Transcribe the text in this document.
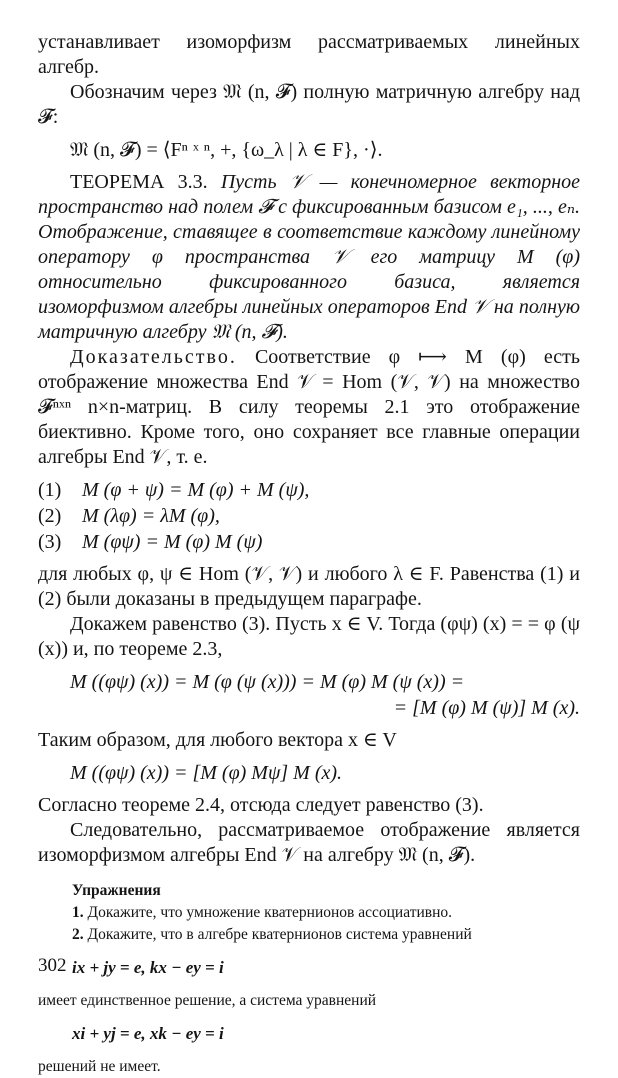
устанавливает изоморфизм рассматриваемых линейных алгебр.

Обозначим через 𝔐 (n, 𝓕) полную матричную алгебру над 𝓕:

𝔐 (n, 𝓕) = ⟨Fⁿ ˣ ⁿ, +, {ω_λ | λ ∈ F}, ·⟩.

ТЕОРЕМА 3.3. Пусть 𝒱 — конечномерное векторное пространство над полем 𝓕 с фиксированным базисом e₁, ..., eₙ. Отображение, ставящее в соответствие каждому линейному оператору φ пространства 𝒱 его матрицу M (φ) относительно фиксированного базиса, является изоморфизмом алгебры линейных операторов End 𝒱 на полную матричную алгебру 𝔐 (n, 𝓕).

Доказательство. Соответствие φ ⟼ M (φ) есть отображение множества End 𝒱 = Hom (𝒱, 𝒱) на множество 𝓕ⁿˣⁿ n×n-матриц. В силу теоремы 2.1 это отображение биективно. Кроме того, оно сохраняет все главные операции алгебры End 𝒱, т. е.

(1)	M (φ + ψ) = M (φ) + M (ψ),
(2)	M (λφ) = λM (φ),
(3)	M (φψ) = M (φ) M (ψ)

для любых φ, ψ ∈ Hom (𝒱, 𝒱) и любого λ ∈ F. Равенства (1) и (2) были доказаны в предыдущем параграфе.

Докажем равенство (3). Пусть x ∈ V. Тогда (φψ) (x) = = φ (ψ (x)) и, по теореме 2.3,

M ((φψ) (x)) = M (φ (ψ (x))) = M (φ) M (ψ (x)) =

= [M (φ) M (ψ)] M (x).

Таким образом, для любого вектора x ∈ V

M ((φψ) (x)) = [M (φ) Mψ] M (x).

Согласно теореме 2.4, отсюда следует равенство (3).

Следовательно, рассматриваемое отображение является изоморфизмом алгебры End 𝒱 на алгебру 𝔐 (n, 𝓕).

Упражнения

1. Докажите, что умножение кватернионов ассоциативно.

2. Докажите, что в алгебре кватернионов система уравнений

ix + jy = e, kx − ey = i

имеет единственное решение, а система уравнений

xi + yj = e, xk − ey = i

решений не имеет.

302
